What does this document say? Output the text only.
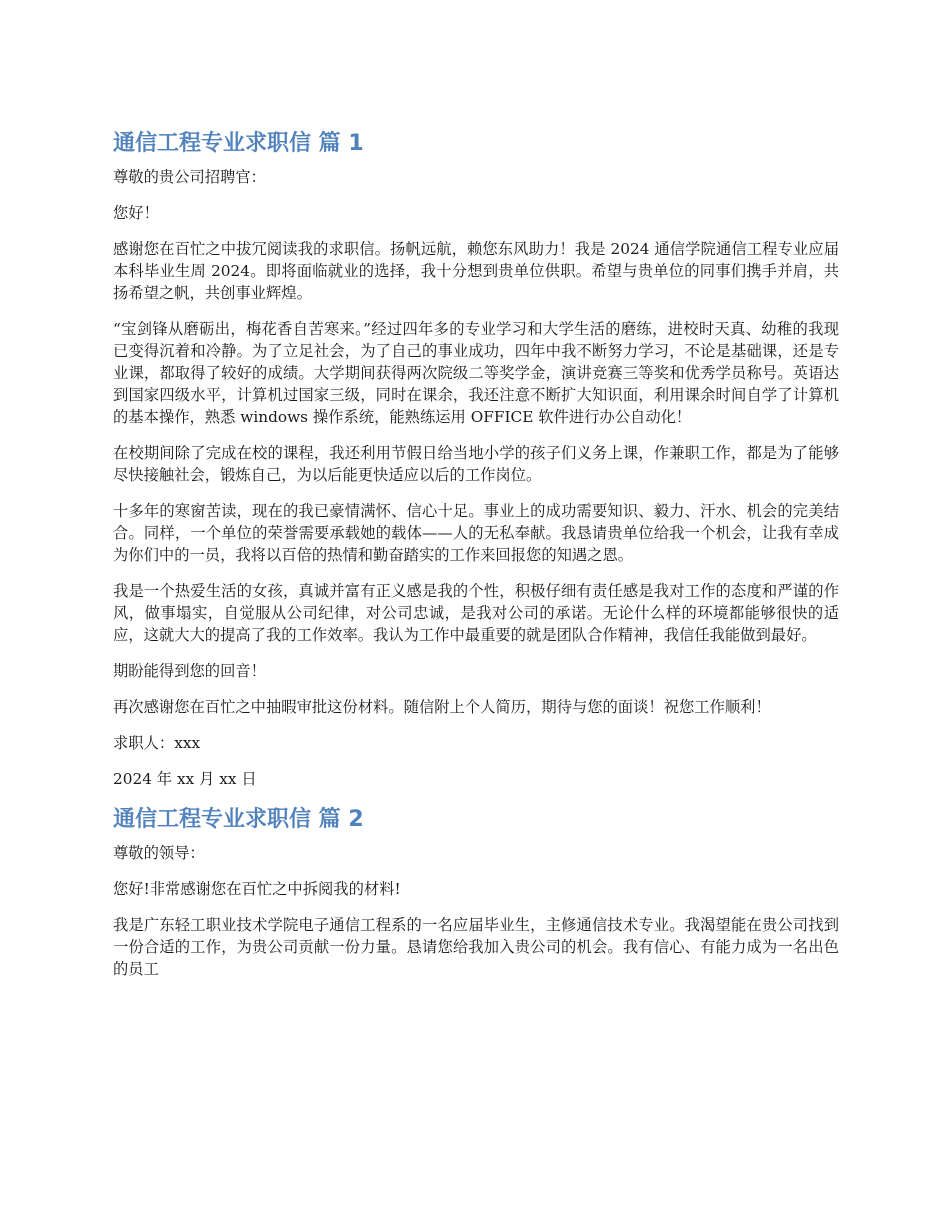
通信工程专业求职信 篇 1

尊敬的贵公司招聘官：

您好！

感谢您在百忙之中拔冗阅读我的求职信。扬帆远航，赖您东风助力！我是 2024 通信学院通信工程专业应届本科毕业生周 2024。即将面临就业的选择，我十分想到贵单位供职。希望与贵单位的同事们携手并肩，共扬希望之帆，共创事业辉煌。

“宝剑锋从磨砺出，梅花香自苦寒来。”经过四年多的专业学习和大学生活的磨练，进校时天真、幼稚的我现已变得沉着和冷静。为了立足社会，为了自己的事业成功，四年中我不断努力学习，不论是基础课，还是专业课，都取得了较好的成绩。大学期间获得两次院级二等奖学金，演讲竞赛三等奖和优秀学员称号。英语达到国家四级水平，计算机过国家三级，同时在课余，我还注意不断扩大知识面，利用课余时间自学了计算机的基本操作，熟悉 windows 操作系统，能熟练运用 OFFICE 软件进行办公自动化！

在校期间除了完成在校的课程，我还利用节假日给当地小学的孩子们义务上课，作兼职工作，都是为了能够尽快接触社会，锻炼自己，为以后能更快适应以后的工作岗位。

十多年的寒窗苦读，现在的我已豪情满怀、信心十足。事业上的成功需要知识、毅力、汗水、机会的完美结合。同样，一个单位的荣誉需要承载她的载体——人的无私奉献。我恳请贵单位给我一个机会，让我有幸成为你们中的一员，我将以百倍的热情和勤奋踏实的工作来回报您的知遇之恩。

我是一个热爱生活的女孩，真诚并富有正义感是我的个性，积极仔细有责任感是我对工作的态度和严谨的作风，做事塌实，自觉服从公司纪律，对公司忠诚，是我对公司的承诺。无论什么样的环境都能够很快的适应，这就大大的提高了我的工作效率。我认为工作中最重要的就是团队合作精神，我信任我能做到最好。

期盼能得到您的回音！

再次感谢您在百忙之中抽暇审批这份材料。随信附上个人简历，期待与您的面谈！祝您工作顺利！

求职人：xxx

2024 年 xx 月 xx 日

通信工程专业求职信 篇 2

尊敬的领导：

您好!非常感谢您在百忙之中拆阅我的材料!

我是广东轻工职业技术学院电子通信工程系的一名应届毕业生，主修通信技术专业。我渴望能在贵公司找到一份合适的工作，为贵公司贡献一份力量。恳请您给我加入贵公司的机会。我有信心、有能力成为一名出色的员工
